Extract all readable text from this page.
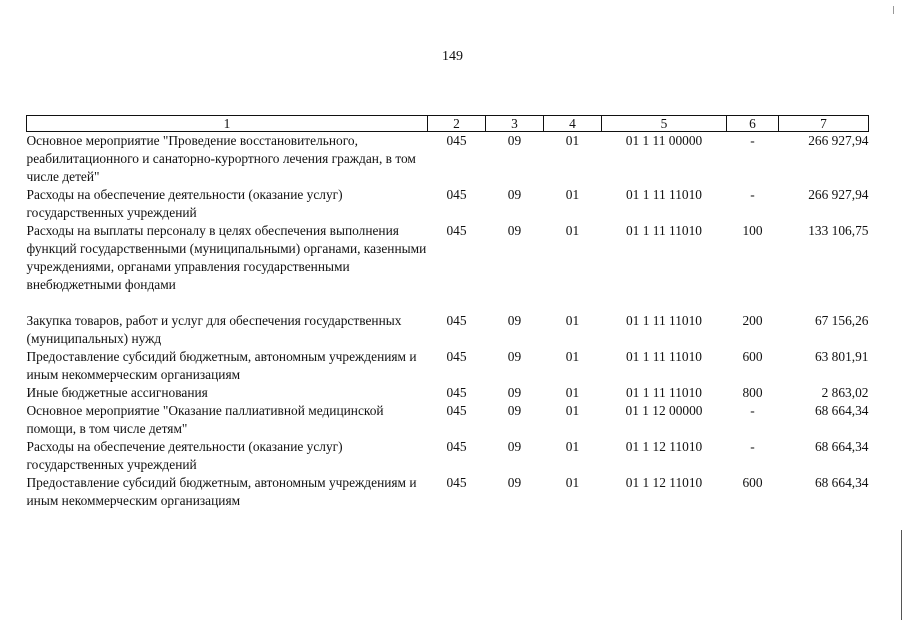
149
1	2	3	4	5	6	7
Основное мероприятие "Проведение восстановительного, реабилитационного и санаторно-курортного лечения граждан, в том числе детей"	045	09	01	01 1 11 00000	-	266 927,94
Расходы на обеспечение деятельности (оказание услуг) государственных учреждений	045	09	01	01 1 11 11010	-	266 927,94
Расходы на выплаты персоналу в целях обеспечения выполнения функций государственными (муниципальными) органами, казенными учреждениями, органами управления государственными внебюджетными фондами	045	09	01	01 1 11 11010	100	133 106,75

Закупка товаров, работ и услуг для обеспечения государственных (муниципальных) нужд	045	09	01	01 1 11 11010	200	67 156,26
Предоставление субсидий бюджетным, автономным учреждениям и иным некоммерческим организациям	045	09	01	01 1 11 11010	600	63 801,91
Иные бюджетные ассигнования	045	09	01	01 1 11 11010	800	2 863,02
Основное мероприятие "Оказание паллиативной медицинской помощи, в том числе детям"	045	09	01	01 1 12 00000	-	68 664,34
Расходы на обеспечение деятельности (оказание услуг) государственных учреждений	045	09	01	01 1 12 11010	-	68 664,34
Предоставление субсидий бюджетным, автономным учреждениям и иным некоммерческим организациям	045	09	01	01 1 12 11010	600	68 664,34
